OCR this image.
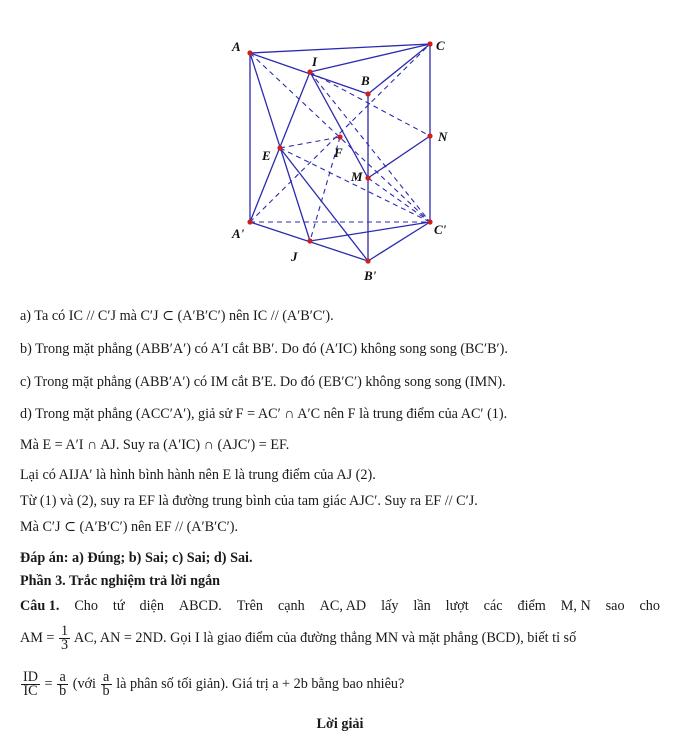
A	C
I
B
N
E	F
M
A'	C'
J
B'
a) Ta có IC // C′J mà C′J ⊂ (A′B′C′) nên IC // (A′B′C′).
b) Trong mặt phẳng (ABB′A′) có A′I cắt BB′. Do đó (A′IC) không song song (BC′B′).
c) Trong mặt phẳng (ABB′A′) có IM cắt B′E. Do đó (EB′C′) không song song (IMN).
d) Trong mặt phẳng (ACC′A′), giả sử F = AC′ ∩ A′C nên F là trung điểm của AC′ (1).
Mà E = A′I ∩ AJ. Suy ra (A′IC) ∩ (AJC′) = EF.
Lại có AIJA′ là hình bình hành nên E là trung điểm của AJ (2).
Từ (1) và (2), suy ra EF là đường trung bình của tam giác AJC′. Suy ra EF // C′J.
Mà C′J ⊂ (A′B′C′) nên EF // (A′B′C′).
Đáp án: a) Đúng; b) Sai; c) Sai; d) Sai.
Phần 3. Trắc nghiệm trả lời ngắn
Câu 1. Cho tứ diện ABCD. Trên cạnh AC, AD lấy lần lượt các điểm M, N sao cho
AM = $\frac{1}{3}$ AC, AN = 2ND. Gọi I là giao điểm của đường thẳng MN và mặt phẳng (BCD), biết tỉ số
$\frac{ID}{IC} = \frac{a}{b}$ (với $\frac{a}{b}$ là phân số tối giản). Giá trị a + 2b bằng bao nhiêu?
Lời giải
